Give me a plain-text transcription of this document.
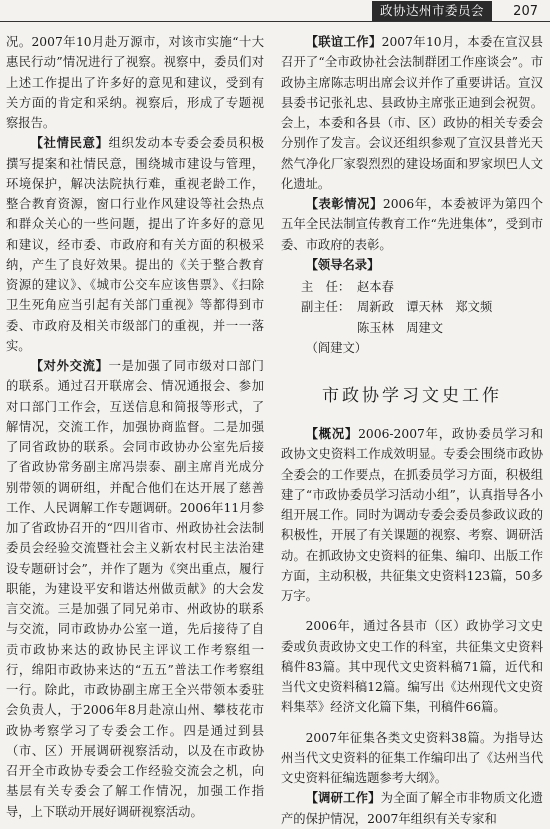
政协达州市委员会	207

况。2007年10月赴万源市，对该市实施“十大惠民行动”情况进行了视察。视察中，委员们对上述工作提出了许多好的意见和建议，受到有关方面的肯定和采纳。视察后，形成了专题视察报告。

【社情民意】组织发动本专委会委员积极撰写提案和社情民意，围绕城市建设与管理，环境保护，解决法院执行难，重视老龄工作，整合教育资源，窗口行业作风建设等社会热点和群众关心的一些问题，提出了许多好的意见和建议，经市委、市政府和有关方面的积极采纳，产生了良好效果。提出的《关于整合教育资源的建议》、《城市公交车应该售票》、《扫除卫生死角应当引起有关部门重视》等都得到市委、市政府及相关市级部门的重视，并一一落实。

【对外交流】一是加强了同市级对口部门的联系。通过召开联席会、情况通报会、参加对口部门工作会，互送信息和简报等形式，了解情况，交流工作，加强协商监督。二是加强了同省政协的联系。会同市政协办公室先后接了省政协常务副主席冯崇泰、副主席肖光成分别带领的调研组，并配合他们在达开展了慈善工作、人民调解工作专题调研。2006年11月参加了省政协召开的“四川省市、州政协社会法制委员会经验交流暨社会主义新农村民主法治建设专题研讨会”，并作了题为《突出重点，履行职能，为建设平安和谐达州做贡献》的大会发言交流。三是加强了同兄弟市、州政协的联系与交流，同市政协办公室一道，先后接待了自贡市政协来达的政协民主评议工作考察组一行，绵阳市政协来达的“五五”普法工作考察组一行。除此，市政协副主席王全兴带领本委驻会负责人，于2006年8月赴凉山州、攀枝花市政协考察学习了专委会工作。四是通过到县（市、区）开展调研视察活动，以及在市政协召开全市政协专委会工作经验交流会之机，向基层有关专委会了解工作情况，加强工作指导，上下联动开展好调研视察活动。

【联谊工作】2007年10月，本委在宣汉县召开了“全市政协社会法制群团工作座谈会”。市政协主席陈志明出席会议并作了重要讲话。宣汉县委书记张礼忠、县政协主席张正迪到会祝贺。会上，本委和各县（市、区）政协的相关专委会分别作了发言。会议还组织参观了宣汉县普光天然气净化厂家裂烈烈的建设场面和罗家坝巴人文化遗址。

【表彰情况】2006年，本委被评为第四个五年全民法制宣传教育工作“先进集体”，受到市委、市政府的表彰。

【领导名录】

主　任： 赵本春
副主任： 周新政　谭天林　郑文频
陈玉林　周建文

（阎建文）

市政协学习文史工作

【概况】2006-2007年，政协委员学习和政协文史资料工作成效明显。专委会围绕市政协全委会的工作要点，在抓委员学习方面，积极组建了“市政协委员学习活动小组”，认真指导各小组开展工作。同时为调动专委会委员参政议政的积极性，开展了有关课题的视察、考察、调研活动。在抓政协文史资料的征集、编印、出版工作方面，主动积极，共征集文史资料123篇，50多万字。

2006年，通过各县市（区）政协学习文史委或负责政协文史工作的科室，共征集文史资料稿件83篇。其中现代文史资料稿71篇，近代和当代文史资料稿12篇。编写出《达州现代文史资料集萃》经济文化篇下集，刊稿件66篇。

2007年征集各类文史资料38篇。为指导达州当代文史资料的征集工作编印出了《达州当代文史资料征编选题参考大纲》。

【调研工作】为全面了解全市非物质文化遗产的保护情况，2007年组织有关专家和
